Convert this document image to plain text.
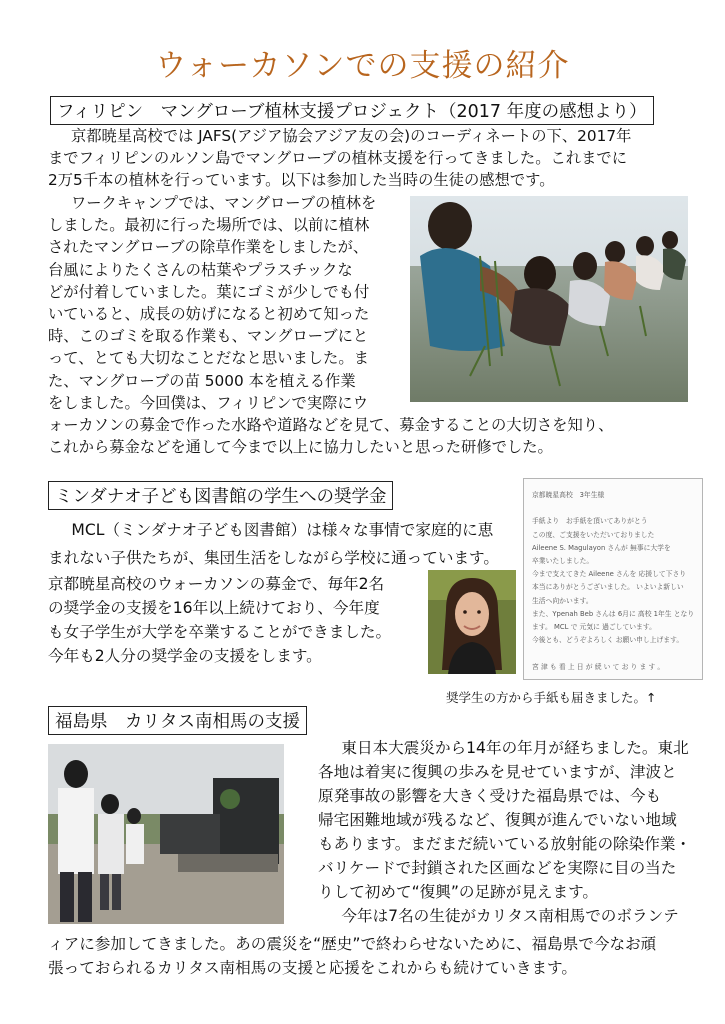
ウォーカソンでの支援の紹介
フィリピン　マングローブ植林支援プロジェクト（2017 年度の感想より）

京都暁星高校では JAFS(アジア協会アジア友の会)のコーディネートの下、2017年

までフィリピンのルソン島でマングローブの植林支援を行ってきました。これまでに

2万5千本の植林を行っています。以下は参加した当時の生徒の感想です。

ワークキャンプでは、マングローブの植林を

しました。最初に行った場所では、以前に植林

されたマングローブの除草作業をしましたが、

台風によりたくさんの枯葉やプラスチックな

どが付着していました。葉にゴミが少しでも付

いていると、成長の妨げになると初めて知った

時、このゴミを取る作業も、マングローブにと

って、とても大切なことだなと思いました。ま

た、マングローブの苗 5000 本を植える作業

をしました。今回僕は、フィリピンで実際にウ

ォーカソンの募金で作った水路や道路などを見て、募金することの大切さを知り、

これから募金などを通して今まで以上に協力したいと思った研修でした。

ミンダナオ子ども図書館の学生への奨学金

MCL（ミンダナオ子ども図書館）は様々な事情で家庭的に恵

まれない子供たちが、集団生活をしながら学校に通っています。

京都暁星高校のウォーカソンの募金で、毎年2名

の奨学金の支援を16年以上続けており、今年度

も女子学生が大学を卒業することができました。

今年も2人分の奨学金の支援をします。

京都暁星高校　3年生様

手紙より　お手紙を頂いてありがとう
この度、ご支援をいただいておりました
Aileene S. Magulayon さんが 無事に大学を
卒業いたしました。
今まで支えてきた Aileene さんを 応援して下さり
本当にありがとうございました。 いよいよ新しい
生活へ向かいます。
また、Ypenah Beb さんは 6月に 高校 1年生 となり
ます。 MCL で 元気に 過ごしています。
今後とも、どうぞよろしく お願い申し上げます。

宮 津 も 看 上 日 が 続 い て お り ま す 。
奨学生の方から手紙も届きました。↑
福島県　カリタス南相馬の支援

東日本大震災から14年の年月が経ちました。東北

各地は着実に復興の歩みを見せていますが、津波と

原発事故の影響を大きく受けた福島県では、今も

帰宅困難地域が残るなど、復興が進んでいない地域

もあります。まだまだ続いている放射能の除染作業・

バリケードで封鎖された区画などを実際に目の当た

りして初めて“復興”の足跡が見えます。

今年は7名の生徒がカリタス南相馬でのボランテ

ィアに参加してきました。あの震災を“歴史”で終わらせないために、福島県で今なお頑

張っておられるカリタス南相馬の支援と応援をこれからも続けていきます。
